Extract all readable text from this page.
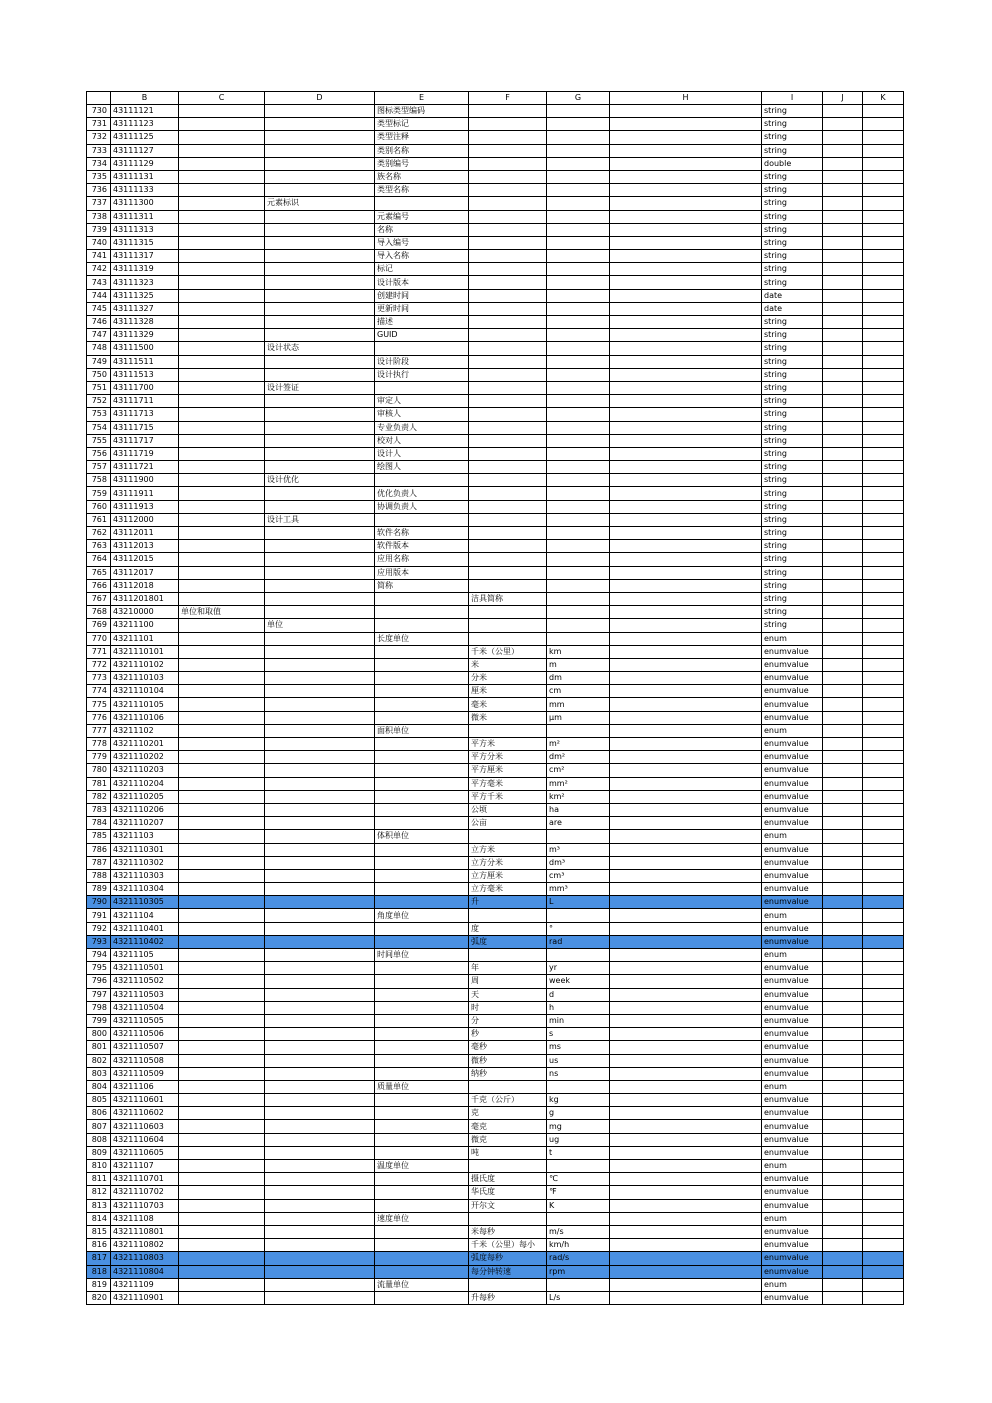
	B	C	D	E	F	G	H	I	J	K
730	43111121			图标类型编码				string		
731	43111123			类型标记				string		
732	43111125			类型注释				string		
733	43111127			类别名称				string		
734	43111129			类别编号				double		
735	43111131			族名称				string		
736	43111133			类型名称				string		
737	43111300		元素标识					string		
738	43111311			元素编号				string		
739	43111313			名称				string		
740	43111315			导入编号				string		
741	43111317			导入名称				string		
742	43111319			标记				string		
743	43111323			设计版本				string		
744	43111325			创建时间				date		
745	43111327			更新时间				date		
746	43111328			描述				string		
747	43111329			GUID				string		
748	43111500		设计状态					string		
749	43111511			设计阶段				string		
750	43111513			设计执行				string		
751	43111700		设计签证					string		
752	43111711			审定人				string		
753	43111713			审核人				string		
754	43111715			专业负责人				string		
755	43111717			校对人				string		
756	43111719			设计人				string		
757	43111721			绘图人				string		
758	43111900		设计优化					string		
759	43111911			优化负责人				string		
760	43111913			协调负责人				string		
761	43112000		设计工具					string		
762	43112011			软件名称				string		
763	43112013			软件版本				string		
764	43112015			应用名称				string		
765	43112017			应用版本				string		
766	43112018			简称				string		
767	4311201801				洁具简称			string		
768	43210000	单位和取值						string		
769	43211100		单位					string		
770	43211101			长度单位				enum		
771	4321110101				千米（公里）	km		enumvalue		
772	4321110102				米	m		enumvalue		
773	4321110103				分米	dm		enumvalue		
774	4321110104				厘米	cm		enumvalue		
775	4321110105				毫米	mm		enumvalue		
776	4321110106				微米	μm		enumvalue		
777	43211102			面积单位				enum		
778	4321110201				平方米	m²		enumvalue		
779	4321110202				平方分米	dm²		enumvalue		
780	4321110203				平方厘米	cm²		enumvalue		
781	4321110204				平方毫米	mm²		enumvalue		
782	4321110205				平方千米	km²		enumvalue		
783	4321110206				公顷	ha		enumvalue		
784	4321110207				公亩	are		enumvalue		
785	43211103			体积单位				enum		
786	4321110301				立方米	m³		enumvalue		
787	4321110302				立方分米	dm³		enumvalue		
788	4321110303				立方厘米	cm³		enumvalue		
789	4321110304				立方毫米	mm³		enumvalue		
790	4321110305				升	L		enumvalue		
791	43211104			角度单位				enum		
792	4321110401				度	°		enumvalue		
793	4321110402				弧度	rad		enumvalue		
794	43211105			时间单位				enum		
795	4321110501				年	yr		enumvalue		
796	4321110502				周	week		enumvalue		
797	4321110503				天	d		enumvalue		
798	4321110504				时	h		enumvalue		
799	4321110505				分	min		enumvalue		
800	4321110506				秒	s		enumvalue		
801	4321110507				毫秒	ms		enumvalue		
802	4321110508				微秒	us		enumvalue		
803	4321110509				纳秒	ns		enumvalue		
804	43211106			质量单位				enum		
805	4321110601				千克（公斤）	kg		enumvalue		
806	4321110602				克	g		enumvalue		
807	4321110603				毫克	mg		enumvalue		
808	4321110604				微克	ug		enumvalue		
809	4321110605				吨	t		enumvalue		
810	43211107			温度单位				enum		
811	4321110701				摄氏度	℃		enumvalue		
812	4321110702				华氏度	℉		enumvalue		
813	4321110703				开尔文	K		enumvalue		
814	43211108			速度单位				enum		
815	4321110801				米每秒	m/s		enumvalue		
816	4321110802				千米（公里）每小	km/h		enumvalue		
817	4321110803				弧度每秒	rad/s		enumvalue		
818	4321110804				每分钟转速	rpm		enumvalue		
819	43211109			流量单位				enum		
820	4321110901				升每秒	L/s		enumvalue		
